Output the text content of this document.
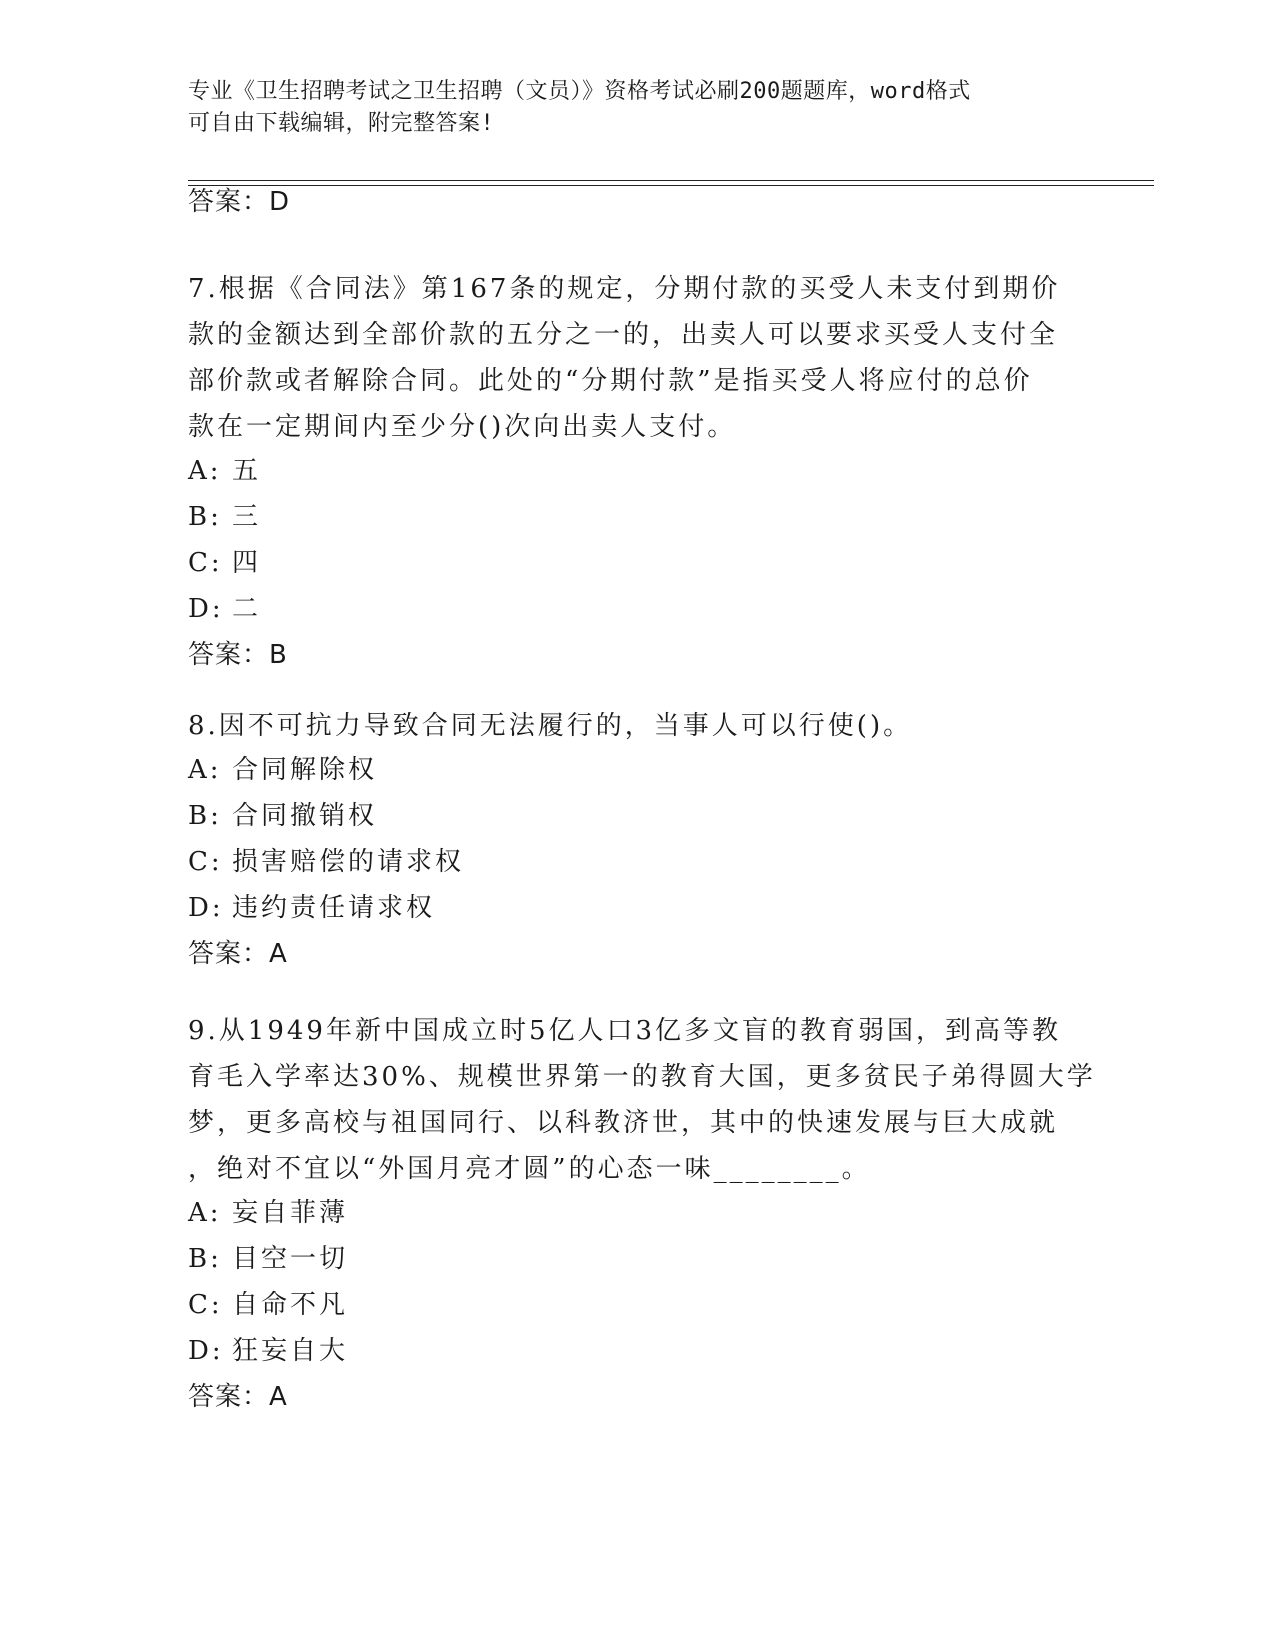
专业《卫生招聘考试之卫生招聘（文员）》资格考试必刷200题题库，word格式
可自由下载编辑，附完整答案!
答案：D
7.根据《合同法》第167条的规定，分期付款的买受人未支付到期价
款的金额达到全部价款的五分之一的，出卖人可以要求买受人支付全
部价款或者解除合同。此处的“分期付款”是指买受人将应付的总价
款在一定期间内至少分()次向出卖人支付。
A: 五
B: 三
C: 四
D: 二
答案：B
8.因不可抗力导致合同无法履行的，当事人可以行使()。
A: 合同解除权
B: 合同撤销权
C: 损害赔偿的请求权
D: 违约责任请求权
答案：A
9.从1949年新中国成立时5亿人口3亿多文盲的教育弱国，到高等教
育毛入学率达30%、规模世界第一的教育大国，更多贫民子弟得圆大学
梦，更多高校与祖国同行、以科教济世，其中的快速发展与巨大成就
，绝对不宜以“外国月亮才圆”的心态一味________。
A: 妄自菲薄
B: 目空一切
C: 自命不凡
D: 狂妄自大
答案：A
